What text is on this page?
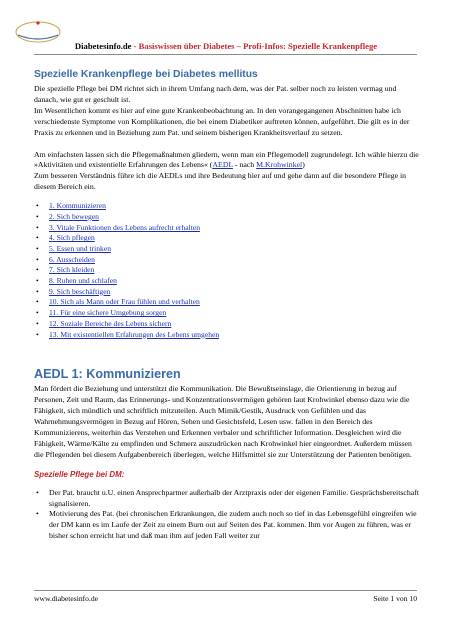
Diabetesinfo.de - Basiswissen über Diabetes – Profi-Infos: Spezielle Krankenpflege
Spezielle Krankenpflege bei Diabetes mellitus

Die spezielle Pflege bei DM richtet sich in ihrem Umfang nach dem, was der Pat. selber noch zu leisten vermag und danach, wie gut er geschult ist.

Im Wesentlichen kommt es hier auf eine gute Krankenbeobachtung an. In den vorangegangenen Abschnitten habe ich verschiedenste Symptome von Komplikationen, die bei einem Diabetiker auftreten können, aufgeführt. Die gilt es in der Praxis zu erkennen und in Beziehung zum Pat. und seinem bisherigen Krankheitsverlauf zu setzen.

Am einfachsten lassen sich die Pflegemaßnahmen gliedern, wenn man ein Pflegemodell zugrundelegt. Ich wähle hierzu die »Aktivitäten und existentielle Erfahrungen des Lebens« (AEDL - nach M.Krohwinkel)

Zum besseren Verständnis führe ich die AEDLs und ihre Bedeutung hier auf und gehe dann auf die besondere Pflege in diesem Bereich ein.

• 1. Kommunizieren
• 2. Sich bewegen
• 3. Vitale Funktionen des Lebens aufrecht erhalten
• 4. Sich pflegen
• 5. Essen und trinken
• 6. Ausscheiden
• 7. Sich kleiden
• 8. Ruhen und schlafen
• 9. Sich beschäftigen
• 10. Sich als Mann oder Frau fühlen und verhalten
• 11. Für eine sichere Umgebung sorgen
• 12. Soziale Bereiche des Lebens sichern
• 13. Mit existentiellen Erfahrungen des Lebens umgehen
AEDL 1: Kommunizieren

Man fördert die Beziehung und unterstützt die Kommunikation. Die Bewußtseinslage, die Orientierung in bezug auf Personen, Zeit und Raum, das Erinnerungs- und Konzentrationsvermögen gehören laut Krohwinkel ebenso dazu wie die Fähigkeit, sich mündlich und schriftlich mitzuteilen. Auch Mimik/Gestik, Ausdruck von Gefühlen und das Wahrnehmungsvermögen in Bezug auf Hören, Sehen und Gesichtsfeld, Lesen usw. fallen in den Bereich des Kommunizierens, weiterhin das Verstehen und Erkennen verbaler und schriftlicher Information. Desgleichen wird die Fähigkeit, Wärme/Kälte zu empfinden und Schmerz auszudrücken nach Krohwinkel hier eingeordnet. Außerdem müssen die Pflegenden bei diesem Aufgabenbereich überlegen, welche Hilfsmittel sie zur Unterstützung der Patienten benötigen.

Spezielle Pflege bei DM:
• Der Pat. braucht u.U. einen Ansprechpartner außerhalb der Arztpraxis oder der eigenen Familie. Gesprächsbereitschaft signalisieren.
• Motivierung des Pat. (bei chronischen Erkrankungen, die zudem auch noch so tief in das Lebensgefühl eingreifen wie der DM kann es im Laufe der Zeit zu einem Burn out auf Seiten des Pat. kommen. Ihm vor Augen zu führen, was er bisher schon erreicht hat und daß man ihm auf jeden Fall weiter zur
www.diabetesinfo.de	Seite 1 von 10
